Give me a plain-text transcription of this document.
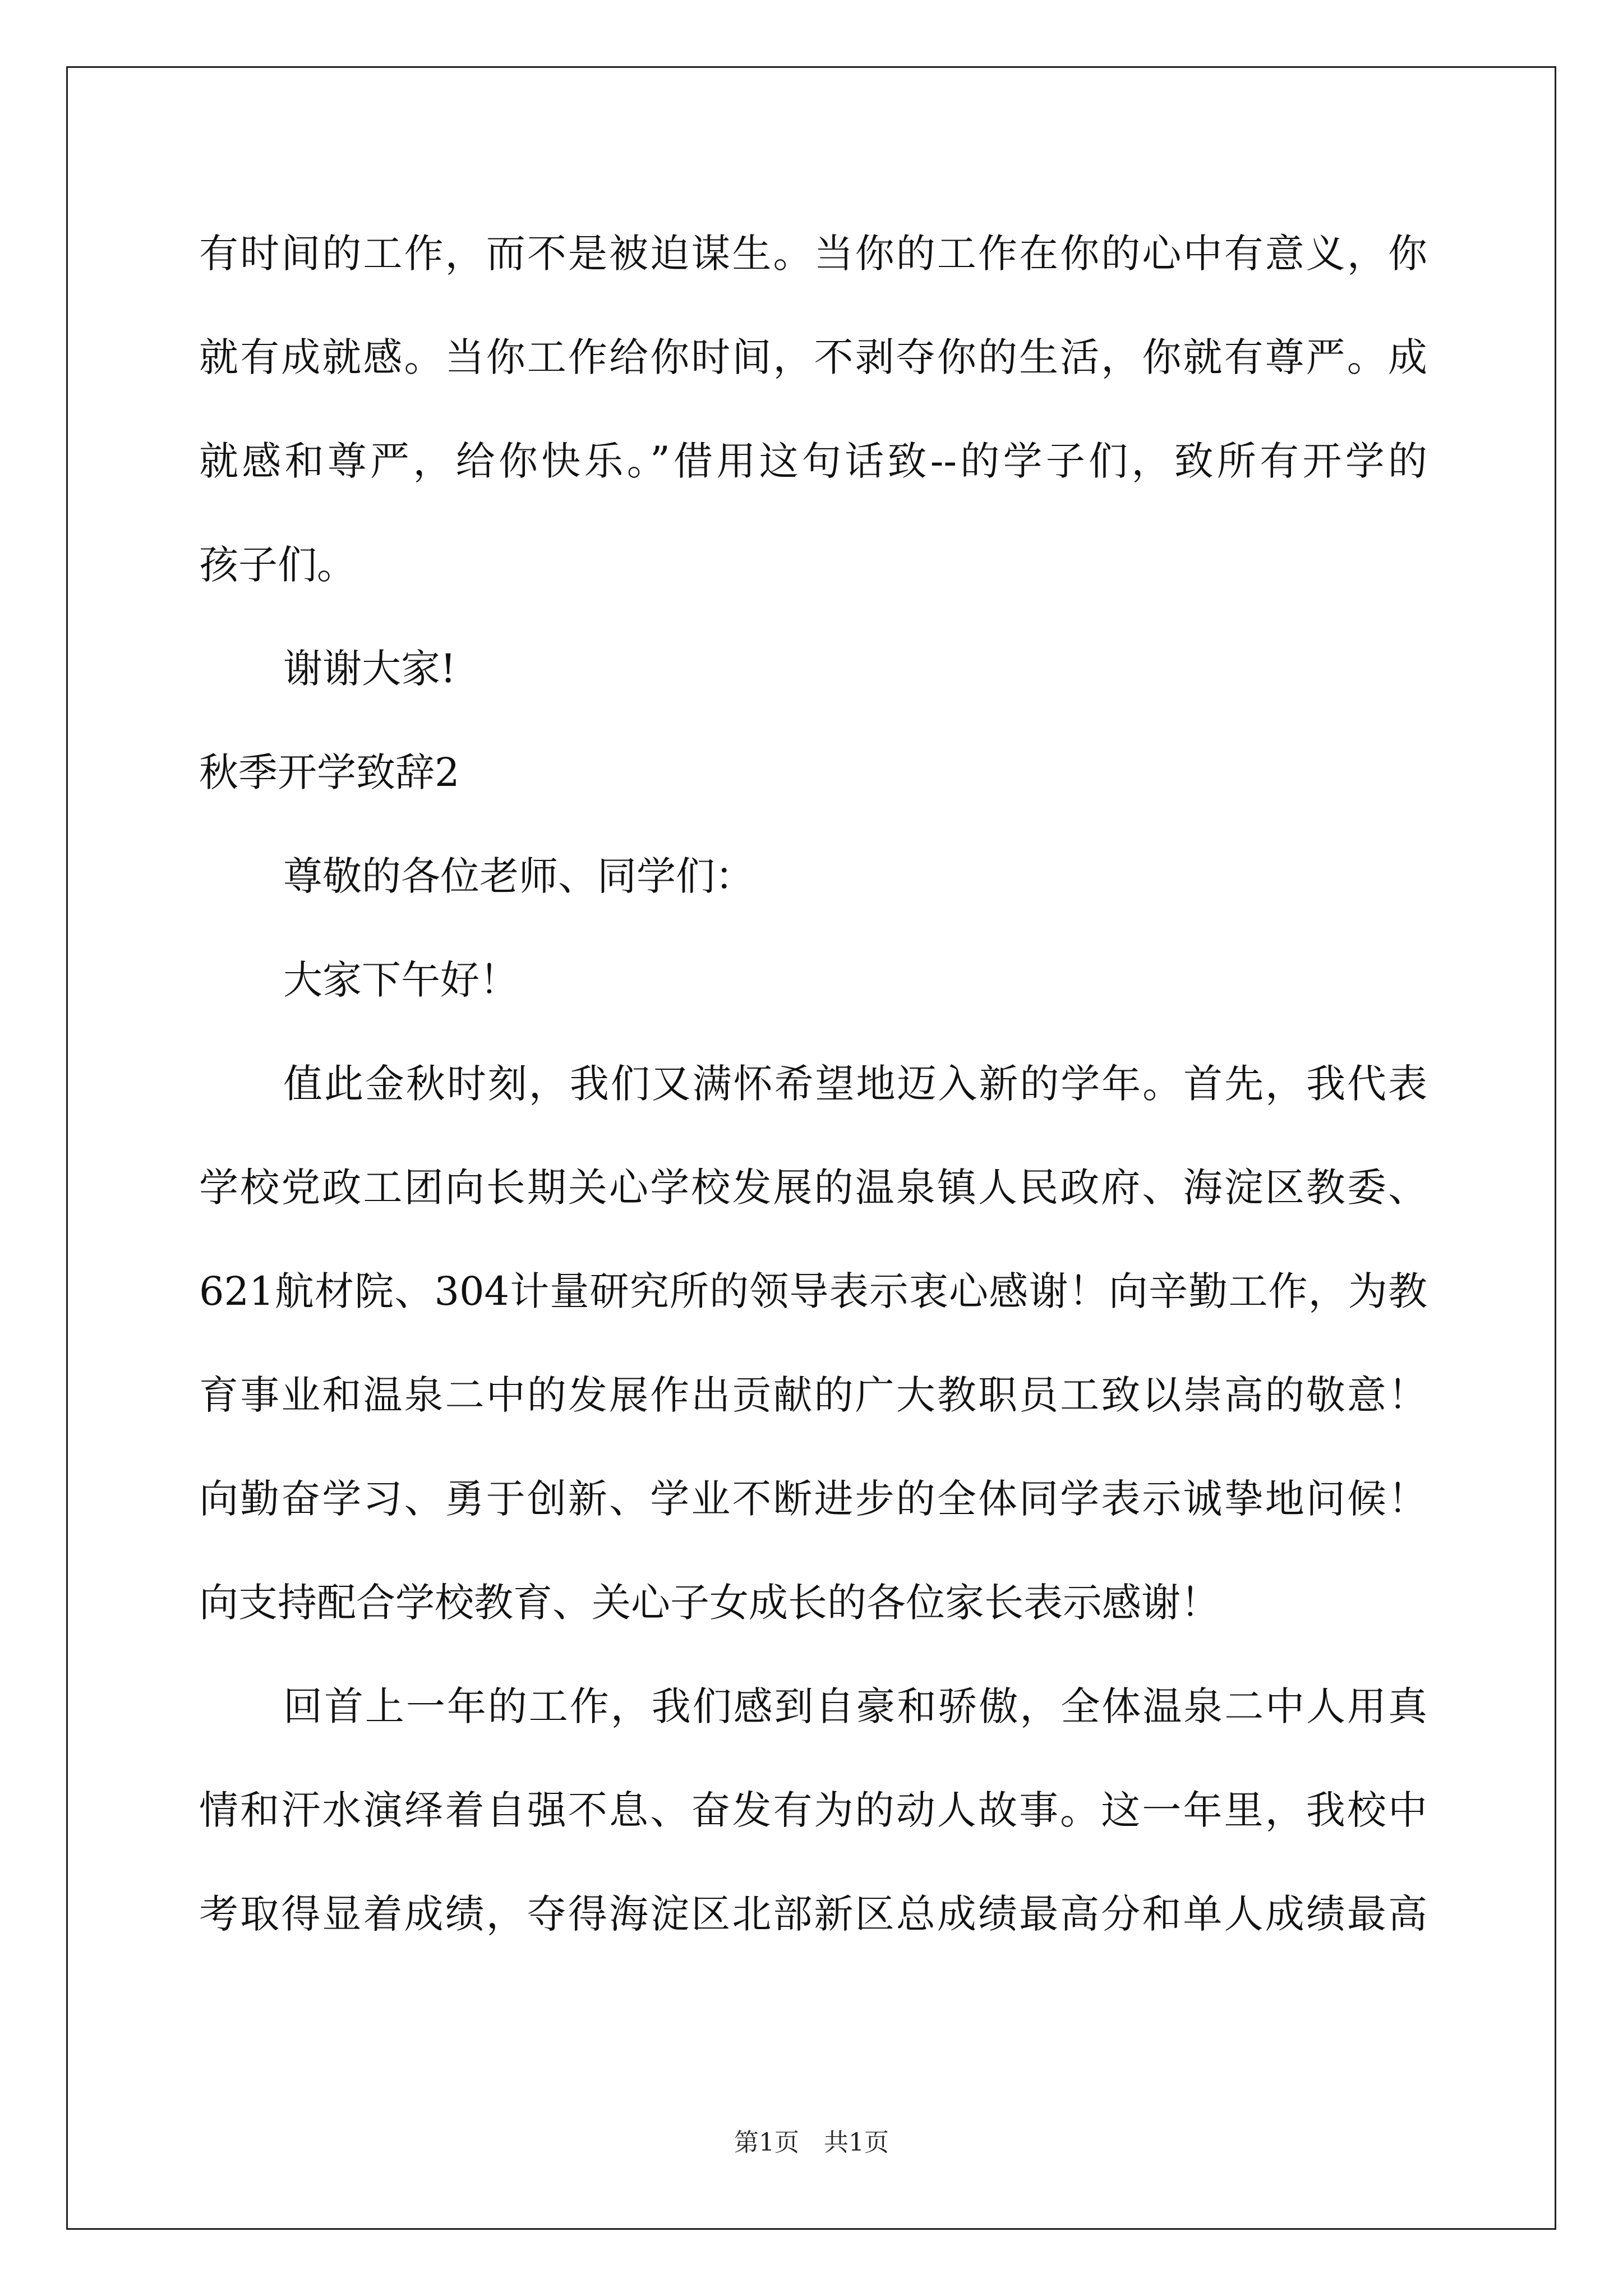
有时间的工作，而不是被迫谋生。当你的工作在你的心中有意义，你
就有成就感。当你工作给你时间，不剥夺你的生活，你就有尊严。成
就感和尊严，给你快乐。”借用这句话致--的学子们，致所有开学的
孩子们。
谢谢大家!
秋季开学致辞2
尊敬的各位老师、同学们：
大家下午好！
值此金秋时刻，我们又满怀希望地迈入新的学年。首先，我代表
学校党政工团向长期关心学校发展的温泉镇人民政府、海淀区教委、
621航材院、304计量研究所的领导表示衷心感谢！向辛勤工作，为教
育事业和温泉二中的发展作出贡献的广大教职员工致以崇高的敬意！
向勤奋学习、勇于创新、学业不断进步的全体同学表示诚挚地问候！
向支持配合学校教育、关心子女成长的各位家长表示感谢！
回首上一年的工作，我们感到自豪和骄傲，全体温泉二中人用真
情和汗水演绎着自强不息、奋发有为的动人故事。这一年里，我校中
考取得显着成绩，夺得海淀区北部新区总成绩最高分和单人成绩最高
第1页　共1页
